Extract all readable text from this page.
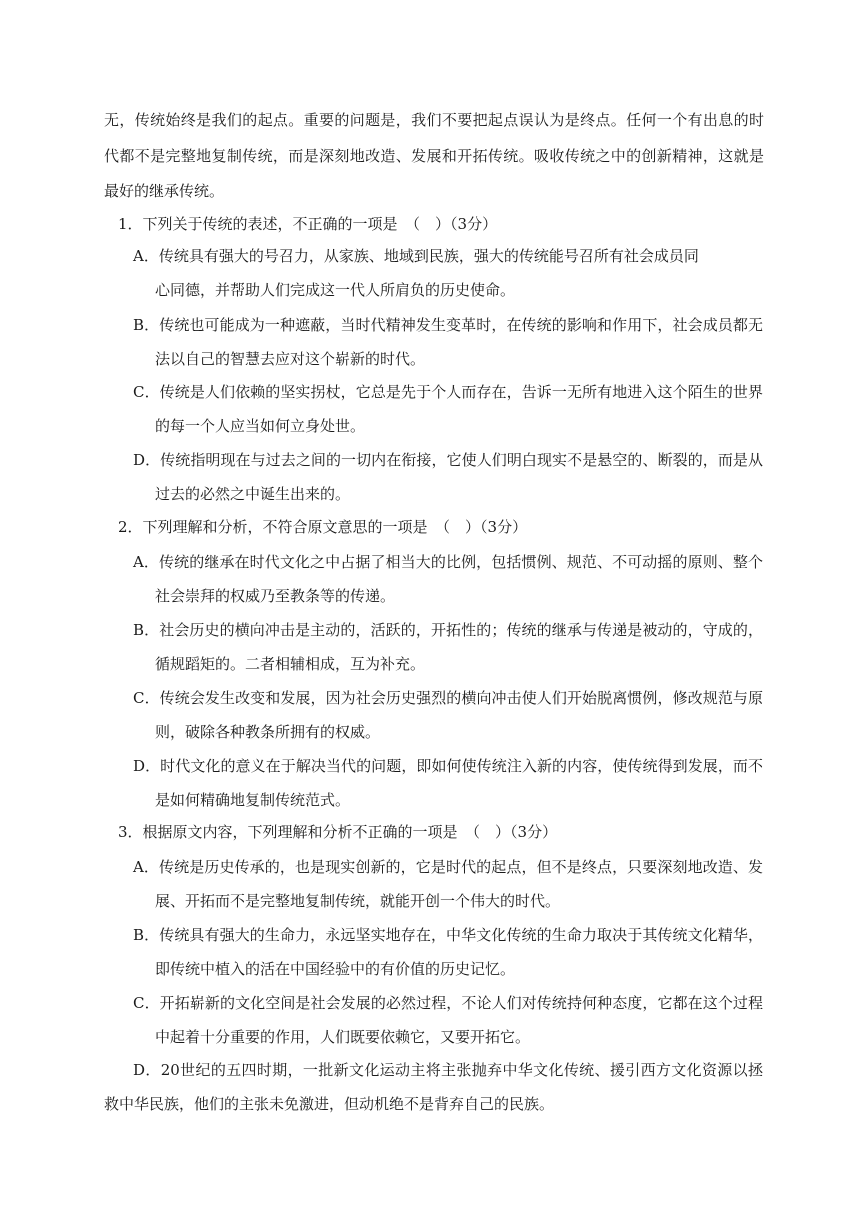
无，传统始终是我们的起点。重要的问题是，我们不要把起点误认为是终点。任何一个有出息的时
代都不是完整地复制传统，而是深刻地改造、发展和开拓传统。吸收传统之中的创新精神，这就是
最好的继承传统。
1．下列关于传统的表述，不正确的一项是　（　）（3分）
A．传统具有强大的号召力，从家族、地域到民族，强大的传统能号召所有社会成员同
心同德，并帮助人们完成这一代人所肩负的历史使命。
B．传统也可能成为一种遮蔽，当时代精神发生变革时，在传统的影响和作用下，社会成员都无
法以自己的智慧去应对这个崭新的时代。
C．传统是人们依赖的坚实拐杖，它总是先于个人而存在，告诉一无所有地进入这个陌生的世界
的每一个人应当如何立身处世。
D．传统指明现在与过去之间的一切内在衔接，它使人们明白现实不是悬空的、断裂的，而是从
过去的必然之中诞生出来的。
2．下列理解和分析，不符合原文意思的一项是　（　）（3分）
A．传统的继承在时代文化之中占据了相当大的比例，包括惯例、规范、不可动摇的原则、整个
社会崇拜的权威乃至教条等的传递。
B．社会历史的横向冲击是主动的，活跃的，开拓性的；传统的继承与传递是被动的，守成的，
循规蹈矩的。二者相辅相成，互为补充。
C．传统会发生改变和发展，因为社会历史强烈的横向冲击使人们开始脱离惯例，修改规范与原
则，破除各种教条所拥有的权威。
D．时代文化的意义在于解决当代的问题，即如何使传统注入新的内容，使传统得到发展，而不
是如何精确地复制传统范式。
3．根据原文内容，下列理解和分析不正确的一项是　（　）（3分）
A．传统是历史传承的，也是现实创新的，它是时代的起点，但不是终点，只要深刻地改造、发
展、开拓而不是完整地复制传统，就能开创一个伟大的时代。
B．传统具有强大的生命力，永远坚实地存在，中华文化传统的生命力取决于其传统文化精华，
即传统中植入的活在中国经验中的有价值的历史记忆。
C．开拓崭新的文化空间是社会发展的必然过程，不论人们对传统持何种态度，它都在这个过程
中起着十分重要的作用，人们既要依赖它，又要开拓它。
D．20世纪的五四时期，一批新文化运动主将主张抛弃中华文化传统、援引西方文化资源以拯
救中华民族，他们的主张未免激进，但动机绝不是背弃自己的民族。
